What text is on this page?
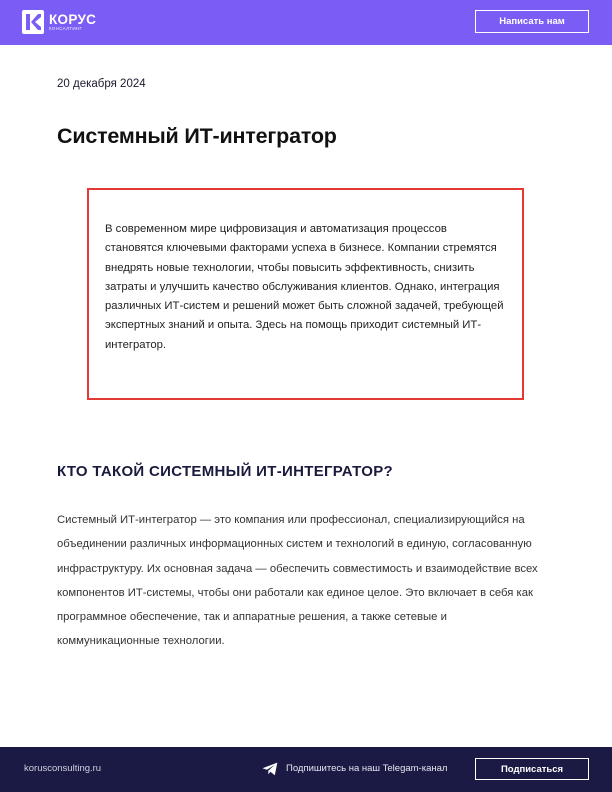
КОРУС
КОНСАЛТИНГ
Написать нам
20 декабря 2024
Системный ИТ-интегратор

В современном мире цифровизация и автоматизация процессов становятся ключевыми факторами успеха в бизнесе. Компании стремятся внедрять новые технологии, чтобы повысить эффективность, снизить затраты и улучшить качество обслуживания клиентов. Однако, интеграция различных ИТ-систем и решений может быть сложной задачей, требующей экспертных знаний и опыта. Здесь на помощь приходит системный ИТ-интегратор.

КТО ТАКОЙ СИСТЕМНЫЙ ИТ-ИНТЕГРАТОР?

Системный ИТ-интегратор — это компания или профессионал, специализирующийся на объединении различных информационных систем и технологий в единую, согласованную инфраструктуру. Их основная задача — обеспечить совместимость и взаимодействие всех компонентов ИТ-системы, чтобы они работали как единое целое. Это включает в себя как программное обеспечение, так и аппаратные решения, а также сетевые и коммуникационные технологии.

korusconsulting.ru	Подпишитесь на наш Telegam-канал	Подписаться
